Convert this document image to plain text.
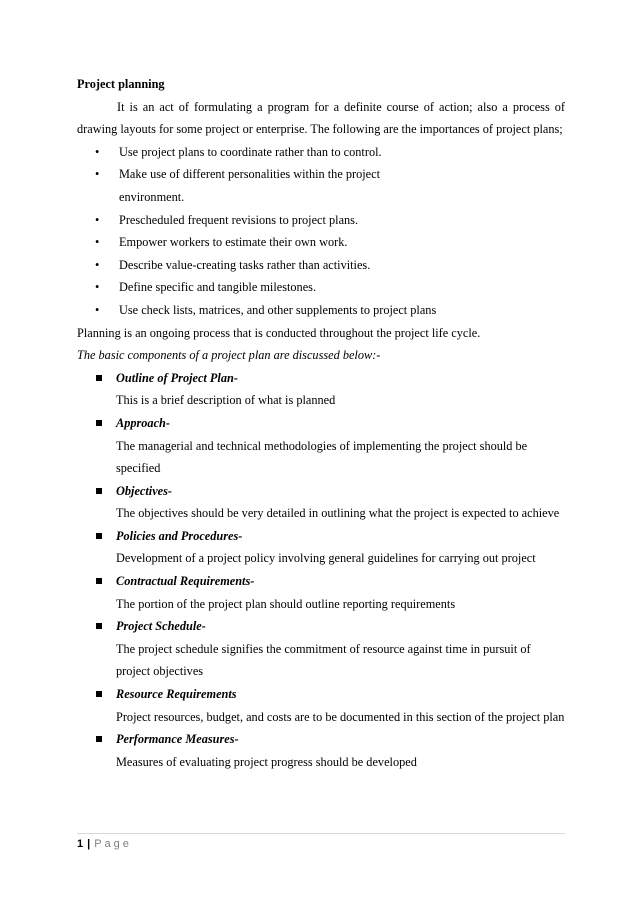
Project planning

It is an act of formulating a program for a definite course of action; also a process of drawing layouts for some project or enterprise. The following are the importances of project plans;

• Use project plans to coordinate rather than to control.
• Make use of different personalities within the project environment.
• Prescheduled frequent revisions to project plans.
• Empower workers to estimate their own work.
• Describe value-creating tasks rather than activities.
• Define specific and tangible milestones.
• Use check lists, matrices, and other supplements to project plans

Planning is an ongoing process that is conducted throughout the project life cycle.

The basic components of a project plan are discussed below:-

Outline of Project Plan-
This is a brief description of what is planned
Approach-
The managerial and technical methodologies of implementing the project should be specified
Objectives-
The objectives should be very detailed in outlining what the project is expected to achieve
Policies and Procedures-
Development of a project policy involving general guidelines for carrying out project
Contractual Requirements-
The portion of the project plan should outline reporting requirements
Project Schedule-
The project schedule signifies the commitment of resource against time in pursuit of project objectives
Resource Requirements
Project resources, budget, and costs are to be documented in this section of the project plan
Performance Measures-
Measures of evaluating project progress should be developed
1 | Page
